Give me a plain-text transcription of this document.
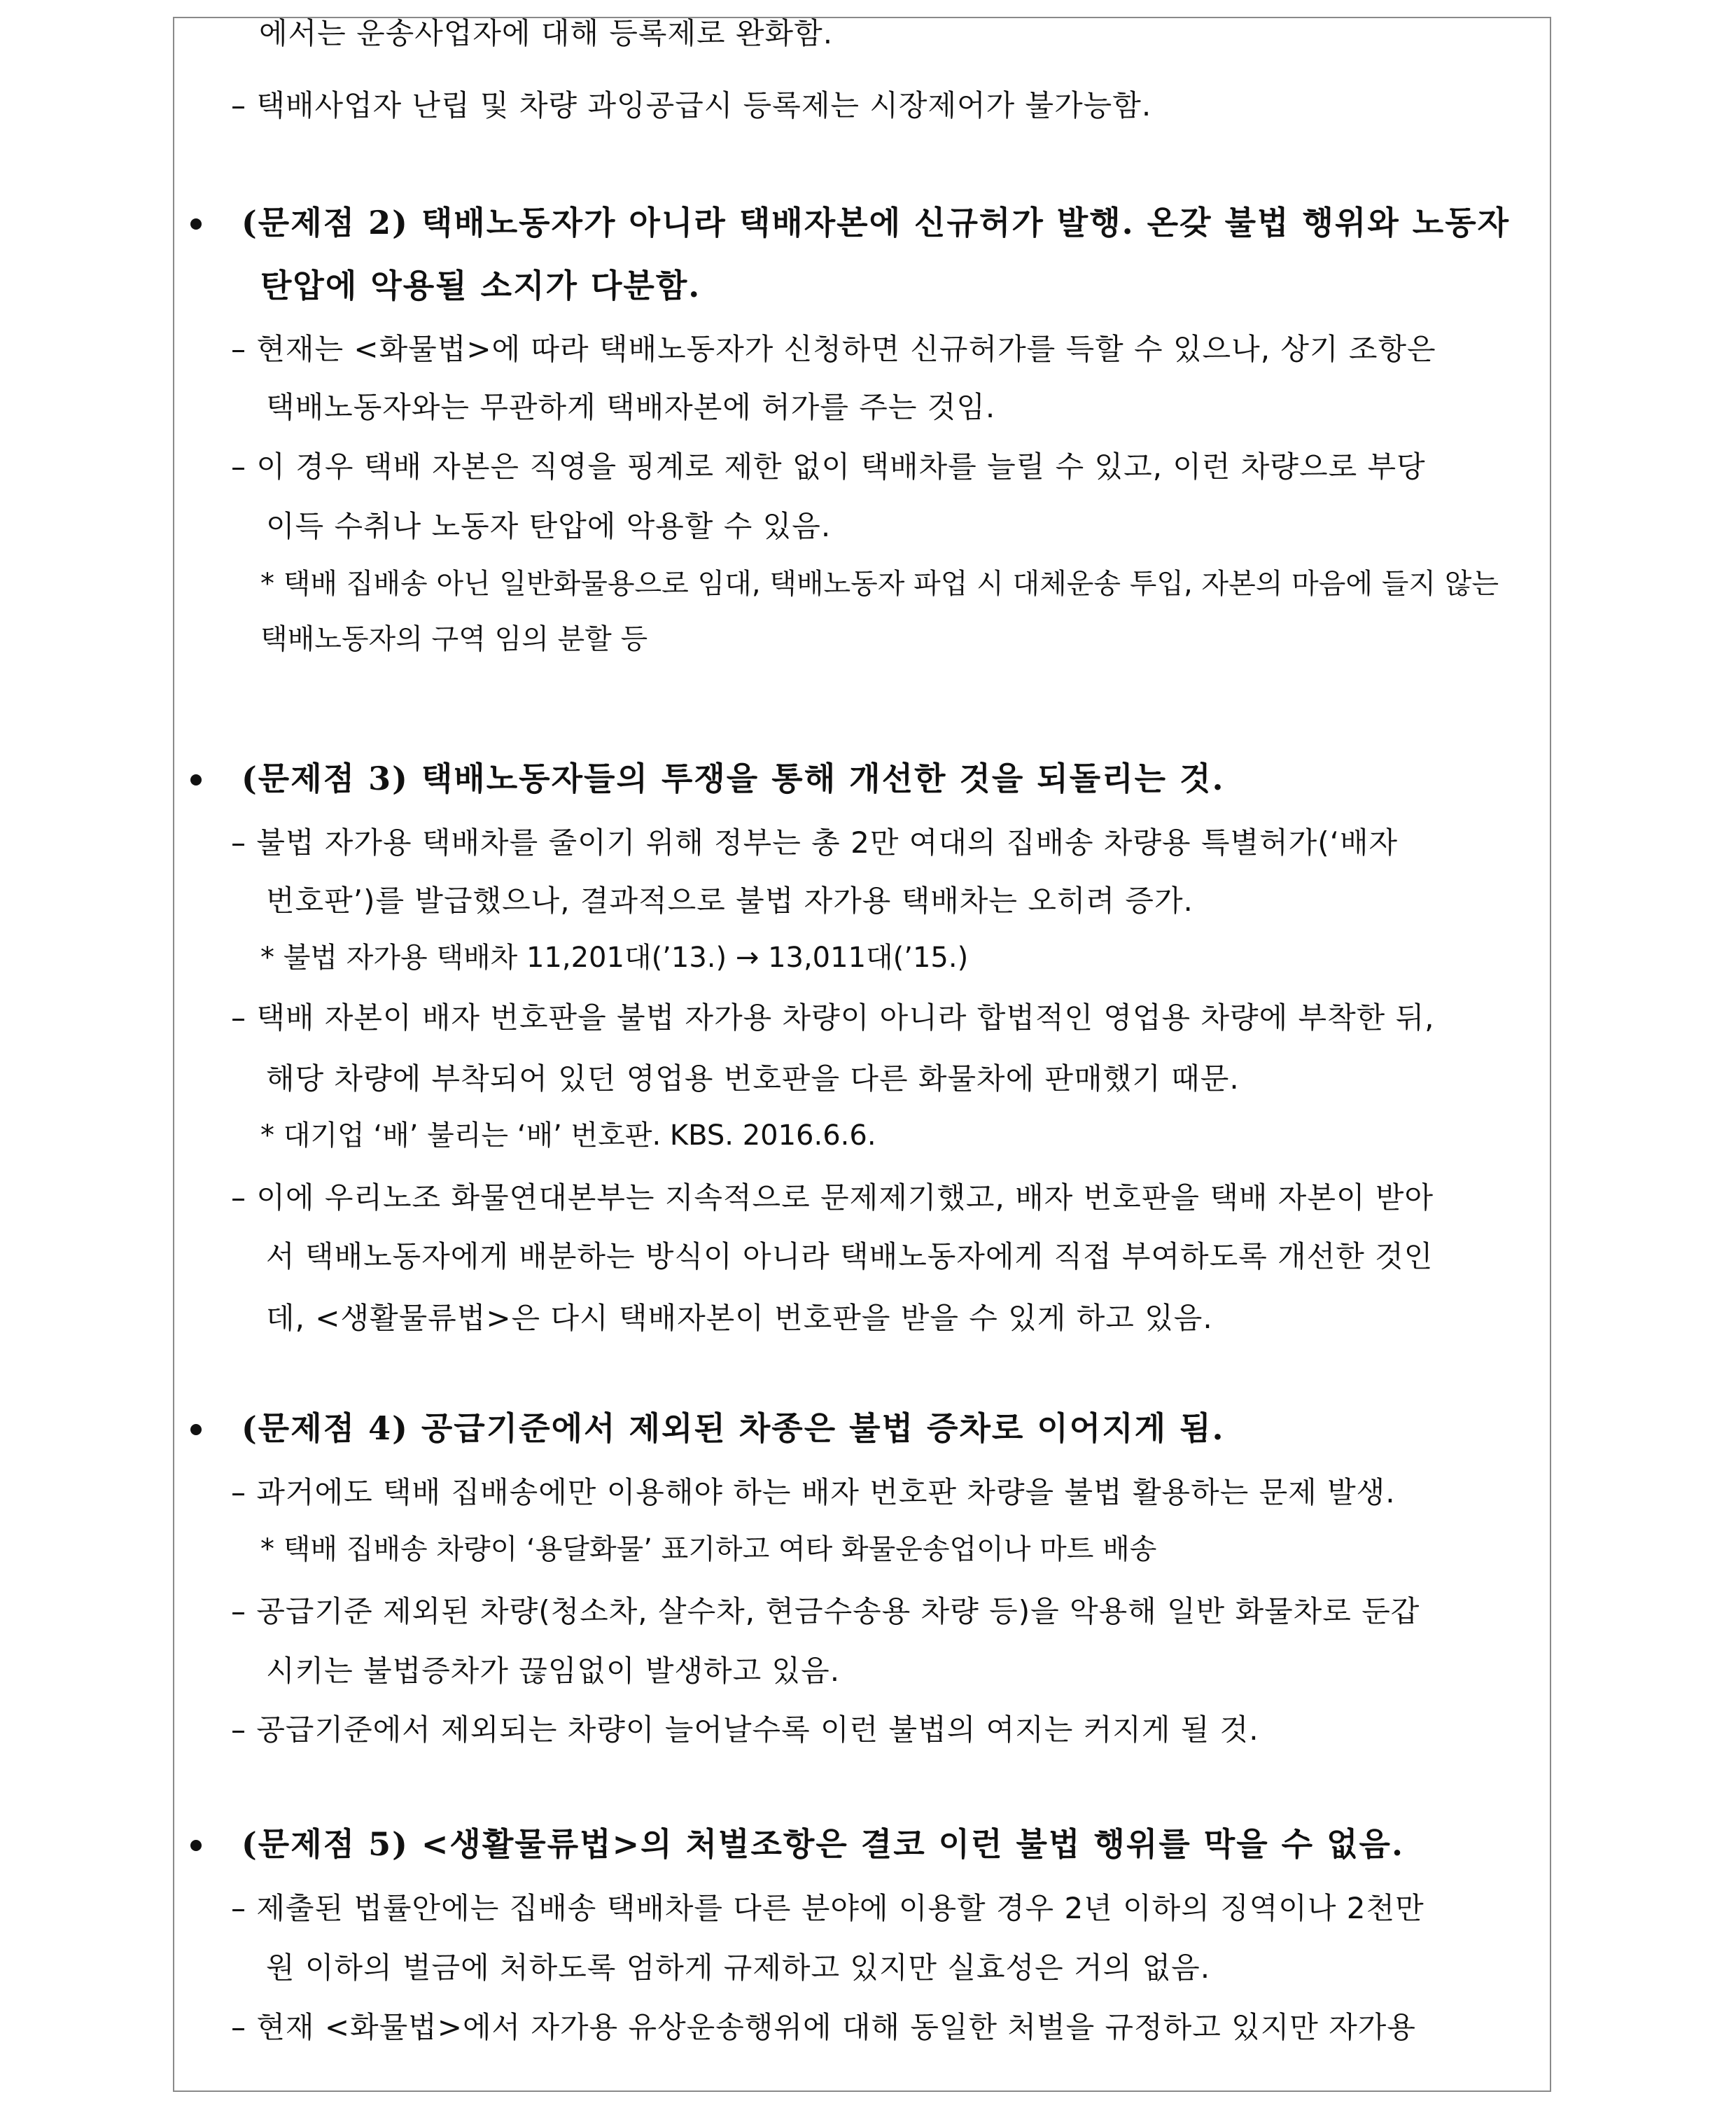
에서는 운송사업자에 대해 등록제로 완화함.
– 택배사업자 난립 및 차량 과잉공급시 등록제는 시장제어가 불가능함.
(문제점 2) 택배노동자가 아니라 택배자본에 신규허가 발행. 온갖 불법 행위와 노동자
탄압에 악용될 소지가 다분함.
– 현재는 <화물법>에 따라 택배노동자가 신청하면 신규허가를 득할 수 있으나, 상기 조항은
택배노동자와는 무관하게 택배자본에 허가를 주는 것임.
– 이 경우 택배 자본은 직영을 핑계로 제한 없이 택배차를 늘릴 수 있고, 이런 차량으로 부당
이득 수취나 노동자 탄압에 악용할 수 있음.
* 택배 집배송 아닌 일반화물용으로 임대, 택배노동자 파업 시 대체운송 투입, 자본의 마음에 들지 않는
택배노동자의 구역 임의 분할 등
(문제점 3) 택배노동자들의 투쟁을 통해 개선한 것을 되돌리는 것.
– 불법 자가용 택배차를 줄이기 위해 정부는 총 2만 여대의 집배송 차량용 특별허가(‘배자
번호판’)를 발급했으나, 결과적으로 불법 자가용 택배차는 오히려 증가.
* 불법 자가용 택배차 11,201대(’13.) → 13,011대(’15.)
– 택배 자본이 배자 번호판을 불법 자가용 차량이 아니라 합법적인 영업용 차량에 부착한 뒤,
해당 차량에 부착되어 있던 영업용 번호판을 다른 화물차에 판매했기 때문.
* 대기업 ‘배’ 불리는 ‘배’ 번호판. KBS. 2016.6.6.
– 이에 우리노조 화물연대본부는 지속적으로 문제제기했고, 배자 번호판을 택배 자본이 받아
서 택배노동자에게 배분하는 방식이 아니라 택배노동자에게 직접 부여하도록 개선한 것인
데, <생활물류법>은 다시 택배자본이 번호판을 받을 수 있게 하고 있음.
(문제점 4) 공급기준에서 제외된 차종은 불법 증차로 이어지게 됨.
– 과거에도 택배 집배송에만 이용해야 하는 배자 번호판 차량을 불법 활용하는 문제 발생.
* 택배 집배송 차량이 ‘용달화물’ 표기하고 여타 화물운송업이나 마트 배송
– 공급기준 제외된 차량(청소차, 살수차, 현금수송용 차량 등)을 악용해 일반 화물차로 둔갑
시키는 불법증차가 끊임없이 발생하고 있음.
– 공급기준에서 제외되는 차량이 늘어날수록 이런 불법의 여지는 커지게 될 것.
(문제점 5) <생활물류법>의 처벌조항은 결코 이런 불법 행위를 막을 수 없음.
– 제출된 법률안에는 집배송 택배차를 다른 분야에 이용할 경우 2년 이하의 징역이나 2천만
원 이하의 벌금에 처하도록 엄하게 규제하고 있지만 실효성은 거의 없음.
– 현재 <화물법>에서 자가용 유상운송행위에 대해 동일한 처벌을 규정하고 있지만 자가용
